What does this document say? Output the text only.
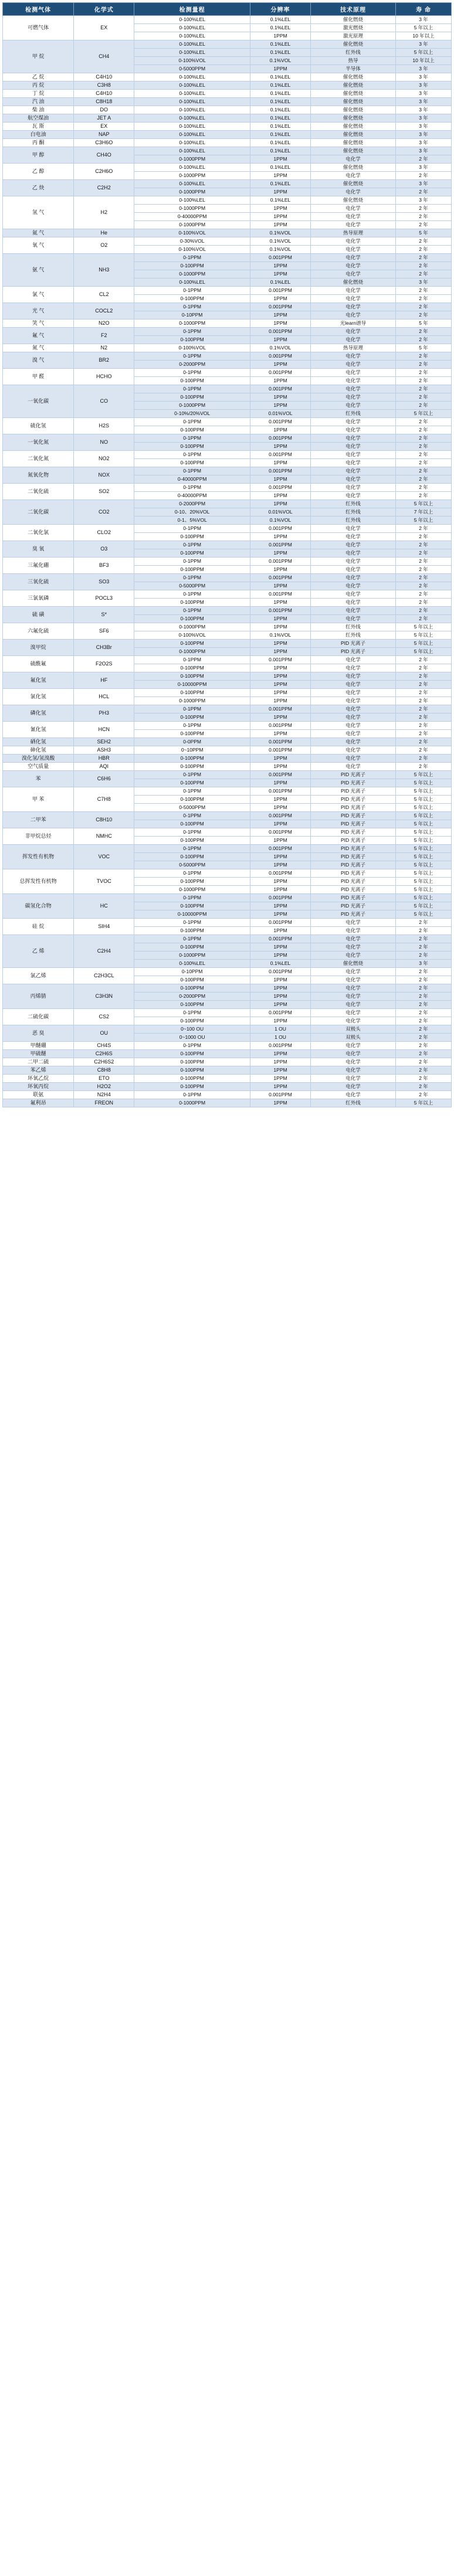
检测气体	化学式	检测量程	分辨率	技术原理	寿 命
可燃气体	EX	0-100%LEL	0.1%LEL	催化燃烧	3 年
		0-100%LEL	0.1%LEL	激光燃烧	5 年以上
		0-100%LEL	1PPM	激光原理	10 年以上
甲 烷	CH4	0-100%LEL	0.1%LEL	催化燃烧	3 年
		0-100%LEL	0.1%LEL	红外线	5 年以上
		0-100%VOL	0.1%VOL	热导	10 年以上
		0-5000PPM	1PPM	半导体	3 年
乙 烷	C4H10	0-100%LEL	0.1%LEL	催化燃烧	3 年
丙 烷	C3H8	0-100%LEL	0.1%LEL	催化燃烧	3 年
丁 烷	C4H10	0-100%LEL	0.1%LEL	催化燃烧	3 年
汽 油	C8H18	0-100%LEL	0.1%LEL	催化燃烧	3 年
柴 油	DO	0-100%LEL	0.1%LEL	催化燃烧	3 年
航空煤油	JET A	0-100%LEL	0.1%LEL	催化燃烧	3 年
瓦 斯	EX	0-100%LEL	0.1%LEL	催化燃烧	3 年
白电油	NAP	0-100%LEL	0.1%LEL	催化燃烧	3 年
丙 酮	C3H6O	0-100%LEL	0.1%LEL	催化燃烧	3 年
甲 醇	CH4O	0-100%LEL	0.1%LEL	催化燃烧	3 年
		0-1000PPM	1PPM	电化学	2 年
乙 醇	C2H6O	0-100%LEL	0.1%LEL	催化燃烧	3 年
		0-1000PPM	1PPM	电化学	2 年
乙 炔	C2H2	0-100%LEL	0.1%LEL	催化燃烧	3 年
		0-1000PPM	1PPM	电化学	2 年
氢 气	H2	0-100%LEL	0.1%LEL	催化燃烧	3 年
		0-1000PPM	1PPM	电化学	2 年
		0-40000PPM	1PPM	电化学	2 年
		0-1000PPM	1PPM	电化学	2 年
氦 气	He	0-100%VOL	0.1%VOL	热导原理	5 年
氧 气	O2	0-30%VOL	0.1%VOL	电化学	2 年
		0-100%VOL	0.1%VOL	电化学	2 年
氨 气	NH3	0-1PPM	0.001PPM	电化学	2 年
		0-100PPM	1PPM	电化学	2 年
		0-1000PPM	1PPM	电化学	2 年
		0-100%LEL	0.1%LEL	催化燃烧	3 年
氯 气	CL2	0-1PPM	0.001PPM	电化学	2 年
		0-100PPM	1PPM	电化学	2 年
光 气	COCL2	0-1PPM	0.001PPM	电化学	2 年
		0-10PPM	1PPM	电化学	2 年
笑 气	N2O	0-1000PPM	1PPM	光learn谱导	5 年
氟 气	F2	0-1PPM	0.001PPM	电化学	2 年
		0-100PPM	1PPM	电化学	2 年
氮 气	N2	0-100%VOL	0.1%VOL	热导原理	5 年
溴 气	BR2	0-1PPM	0.001PPM	电化学	2 年
		0-2000PPM	1PPM	电化学	2 年
甲 醛	HCHO	0-1PPM	0.001PPM	电化学	2 年
		0-100PPM	1PPM	电化学	2 年
一氧化碳	CO	0-1PPM	0.001PPM	电化学	2 年
		0-100PPM	1PPM	电化学	2 年
		0-1000PPM	1PPM	电化学	2 年
		0-10%/20%VOL	0.01%VOL	红外线	5 年以上
硫化氢	H2S	0-1PPM	0.001PPM	电化学	2 年
		0-100PPM	1PPM	电化学	2 年
一氧化氮	NO	0-1PPM	0.001PPM	电化学	2 年
		0-100PPM	1PPM	电化学	2 年
二氧化氮	NO2	0-1PPM	0.001PPM	电化学	2 年
		0-100PPM	1PPM	电化学	2 年
氮氧化物	NOX	0-1PPM	0.001PPM	电化学	2 年
		0-40000PPM	1PPM	电化学	2 年
二氧化硫	SO2	0-1PPM	0.001PPM	电化学	2 年
		0-40000PPM	1PPM	电化学	2 年
二氧化碳	CO2	0-2000PPM	1PPM	红外线	5 年以上
		0-10、20%VOL	0.01%VOL	红外线	7 年以上
		0-1、5%VOL	0.1%VOL	红外线	5 年以上
二氧化氯	CLO2	0-1PPM	0.001PPM	电化学	2 年
		0-100PPM	1PPM	电化学	2 年
臭 氧	O3	0-1PPM	0.001PPM	电化学	2 年
		0-100PPM	1PPM	电化学	2 年
三氟化硼	BF3	0-1PPM	0.001PPM	电化学	2 年
		0-100PPM	1PPM	电化学	2 年
三氧化硫	SO3	0-1PPM	0.001PPM	电化学	2 年
		0-5000PPM	1PPM	电化学	2 年
三氯氧磷	POCL3	0-1PPM	0.001PPM	电化学	2 年
		0-100PPM	1PPM	电化学	2 年
硫 磺	S*	0-1PPM	0.001PPM	电化学	2 年
		0-100PPM	1PPM	电化学	2 年
六氟化硫	SF6	0-1000PPM	1PPM	红外线	5 年以上
		0-100%VOL	0.1%VOL	红外线	5 年以上
溴甲烷	CH3Br	0-100PPM	1PPM	PID 光离子	5 年以上
		0-1000PPM	1PPM	PID 光离子	5 年以上
硫酰氟	F2O2S	0-1PPM	0.001PPM	电化学	2 年
		0-100PPM	1PPM	电化学	2 年
氟化氢	HF	0-100PPM	1PPM	电化学	2 年
		0-10000PPM	1PPM	电化学	2 年
氯化氢	HCL	0-100PPM	1PPM	电化学	2 年
		0-1000PPM	1PPM	电化学	2 年
磷化氢	PH3	0-1PPM	0.001PPM	电化学	2 年
		0-100PPM	1PPM	电化学	2 年
氰化氢	HCN	0-1PPM	0.001PPM	电化学	2 年
		0-100PPM	1PPM	电化学	2 年
硒化氢	SEH2	0-0PPM	0.001PPM	电化学	2 年
砷化氢	ASH3	0~10PPM	0.001PPM	电化学	2 年
溴化氢/氢溴酸	HBR	0-100PPM	1PPM	电化学	2 年
空气质量	AQI	0-100PPM	1PPM	电化学	2 年
苯	C6H6	0-1PPM	0.001PPM	PID 光离子	5 年以上
		0-100PPM	1PPM	PID 光离子	5 年以上
甲 苯	C7H8	0-1PPM	0.001PPM	PID 光离子	5 年以上
		0-100PPM	1PPM	PID 光离子	5 年以上
		0-5000PPM	1PPM	PID 光离子	5 年以上
二甲苯	C8H10	0-1PPM	0.001PPM	PID 光离子	5 年以上
		0-100PPM	1PPM	PID 光离子	5 年以上
非甲烷总烃	NMHC	0-1PPM	0.001PPM	PID 光离子	5 年以上
		0-100PPM	1PPM	PID 光离子	5 年以上
挥发性有机物	VOC	0-1PPM	0.001PPM	PID 光离子	5 年以上
		0-100PPM	1PPM	PID 光离子	5 年以上
		0-5000PPM	1PPM	PID 光离子	5 年以上
总挥发性有机物	TVOC	0-1PPM	0.001PPM	PID 光离子	5 年以上
		0-100PPM	1PPM	PID 光离子	5 年以上
		0-1000PPM	1PPM	PID 光离子	5 年以上
碳氢化合物	HC	0-1PPM	0.001PPM	PID 光离子	5 年以上
		0-100PPM	1PPM	PID 光离子	5 年以上
		0-10000PPM	1PPM	PID 光离子	5 年以上
硅 烷	SIH4	0-1PPM	0.001PPM	电化学	2 年
		0-100PPM	1PPM	电化学	2 年
乙 烯	C2H4	0-1PPM	0.001PPM	电化学	2 年
		0-100PPM	1PPM	电化学	2 年
		0-1000PPM	1PPM	电化学	2 年
		0-100%LEL	0.1%LEL	催化燃烧	3 年
氯乙烯	C2H3CL	0-10PPM	0.001PPM	电化学	2 年
		0-100PPM	1PPM	电化学	2 年
丙烯腈	C3H3N	0-100PPM	1PPM	电化学	2 年
		0-2000PPM	1PPM	电化学	2 年
		0-100PPM	1PPM	电化学	2 年
二硫化碳	CS2	0-1PPM	0.001PPM	电化学	2 年
		0-100PPM	1PPM	电化学	2 年
恶 臭	OU	0~100 OU	1 OU	双极头	2 年
		0~1000 OU	1 OU	双极头	2 年
甲醚硼	CH4S	0-1PPM	0.001PPM	电化学	2 年
甲硫醚	C2H6S	0-100PPM	1PPM	电化学	2 年
二甲二硫	C2H6S2	0-100PPM	1PPM	电化学	2 年
苯乙烯	C8H8	0-100PPM	1PPM	电化学	2 年
环氧乙烷	ETO	0-100PPM	1PPM	电化学	2 年
环氧丙烷	H2O2	0-100PPM	1PPM	电化学	2 年
联氨	N2H4	0-1PPM	0.001PPM	电化学	2 年
氟利昂	FREON	0-1000PPM	1PPM	红外线	5 年以上
